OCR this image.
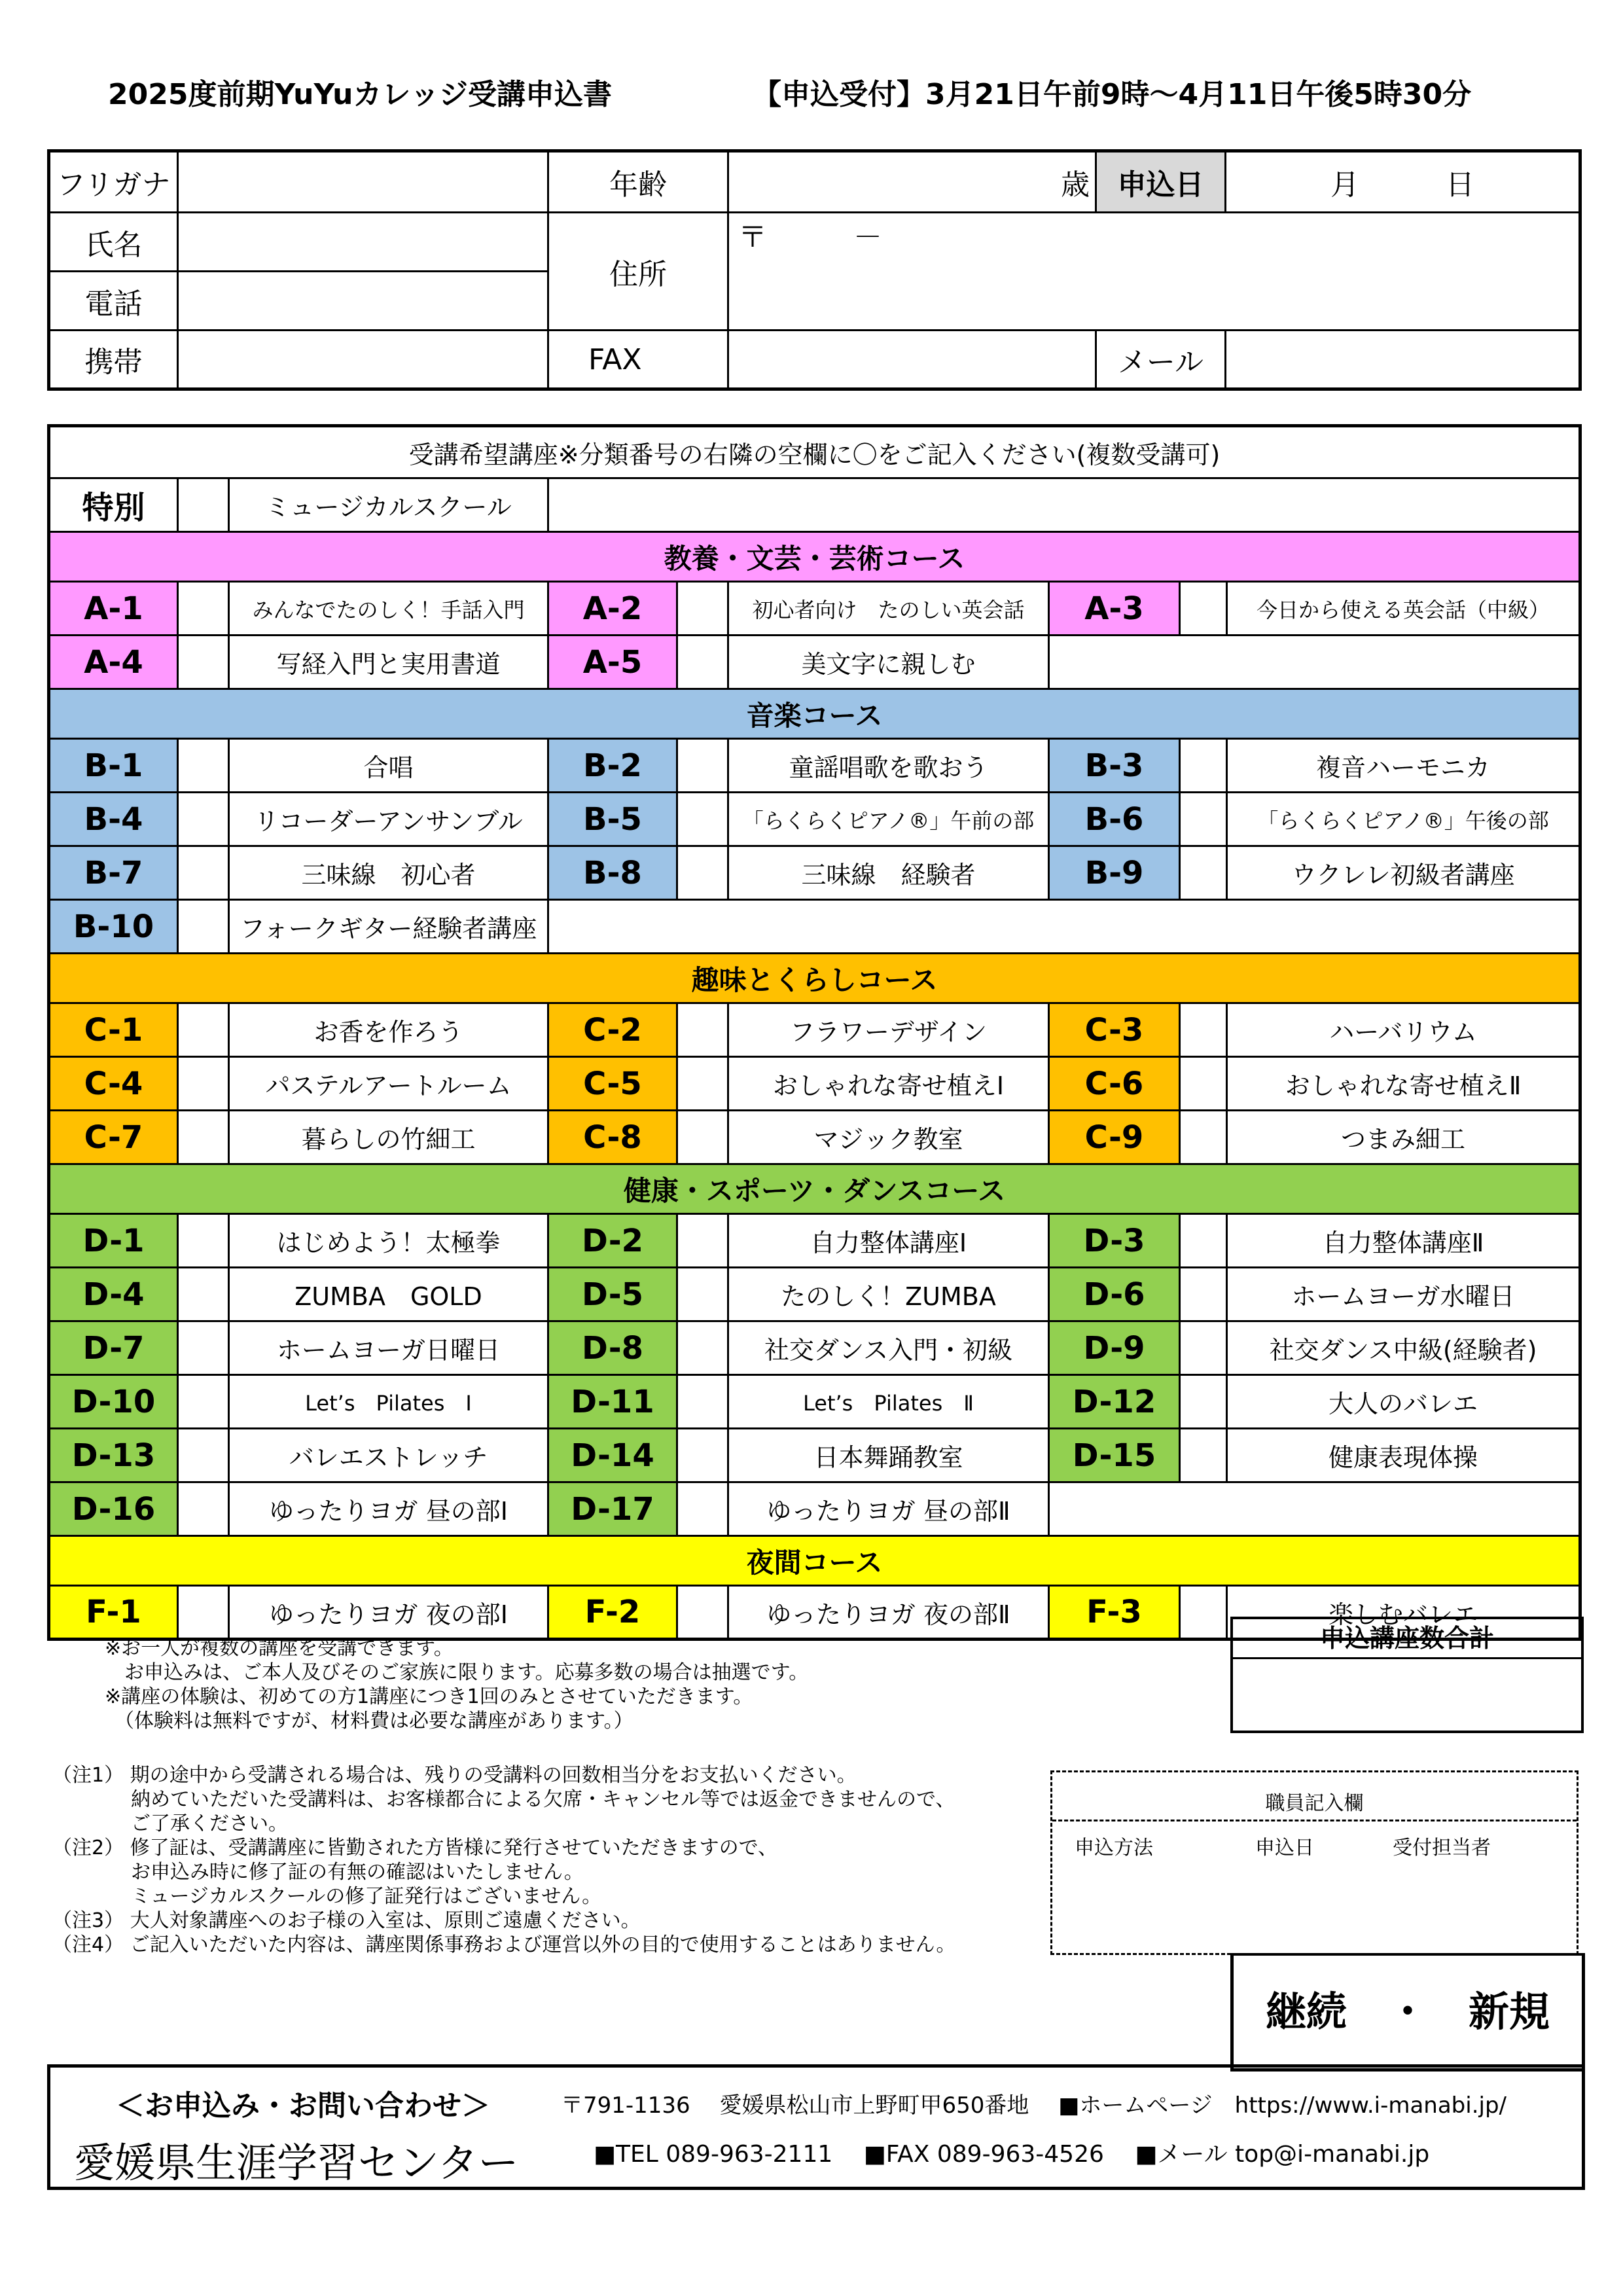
2025度前期YuYuカレッジ受講申込書	【申込受付】3月21日午前9時～4月11日午後5時30分
フリガナ		年齢	歳	申込日	月　　　日
氏名		住所	〒　　　－		
電話					
携帯		FAX		メール	
受講希望講座※分類番号の右隣の空欄に〇をご記入ください(複数受講可)								
特別		ミュージカルスクール						
教養・文芸・芸術コース								
A-1		みんなでたのしく！手話入門	A-2		初心者向け　たのしい英会話	A-3		今日から使える英会話（中級）
A-4		写経入門と実用書道	A-5		美文字に親しむ			
音楽コース								
B-1		合唱	B-2		童謡唱歌を歌おう	B-3		複音ハーモニカ
B-4		リコーダーアンサンブル	B-5		「らくらくピアノ®」午前の部	B-6		「らくらくピアノ®」午後の部
B-7		三味線　初心者	B-8		三味線　経験者	B-9		ウクレレ初級者講座
B-10		フォークギター経験者講座						
趣味とくらしコース								
C-1		お香を作ろう	C-2		フラワーデザイン	C-3		ハーバリウム
C-4		パステルアートルーム	C-5		おしゃれな寄せ植えⅠ	C-6		おしゃれな寄せ植えⅡ
C-7		暮らしの竹細工	C-8		マジック教室	C-9		つまみ細工
健康・スポーツ・ダンスコース								
D-1		はじめよう！太極拳	D-2		自力整体講座Ⅰ	D-3		自力整体講座Ⅱ
D-4		ZUMBA　GOLD	D-5		たのしく！ZUMBA	D-6		ホームヨーガ水曜日
D-7		ホームヨーガ日曜日	D-8		社交ダンス入門・初級	D-9		社交ダンス中級(経験者)
D-10		Let’s　Pilates　Ⅰ	D-11		Let’s　Pilates　Ⅱ	D-12		大人のバレエ
D-13		バレエストレッチ	D-14		日本舞踊教室	D-15		健康表現体操
D-16		ゆったりヨガ 昼の部Ⅰ	D-17		ゆったりヨガ 昼の部Ⅱ			
夜間コース								
F-1		ゆったりヨガ 夜の部Ⅰ	F-2		ゆったりヨガ 夜の部Ⅱ	F-3		楽しむバレエ
※お一人が複数の講座を受講できます。
　お申込みは、ご本人及びそのご家族に限ります。応募多数の場合は抽選です。
※講座の体験は、初めての方1講座につき1回のみとさせていただきます。
　（体験料は無料ですが、材料費は必要な講座があります。）
（注1） 期の途中から受講される場合は、残りの受講料の回数相当分をお支払いください。
　　　　納めていただいた受講料は、お客様都合による欠席・キャンセル等では返金できませんので、
　　　　ご了承ください。
（注2） 修了証は、受講講座に皆勤された方皆様に発行させていただきますので、
　　　　お申込み時に修了証の有無の確認はいたしません。
　　　　ミュージカルスクールの修了証発行はございません。
（注3） 大人対象講座へのお子様の入室は、原則ご遠慮ください。
（注4） ご記入いただいた内容は、講座関係事務および運営以外の目的で使用することはありません。
申込講座数合計
職員記入欄
申込方法	申込日	受付担当者
継続　・　新規
＜お申込み・お問い合わせ＞	〒791-1136　 愛媛県松山市上野町甲650番地　 ■ホームページ　https://www.i-manabi.jp/
愛媛県生涯学習センター	■TEL 089-963-2111　 ■FAX 089-963-4526　 ■メール top@i-manabi.jp
